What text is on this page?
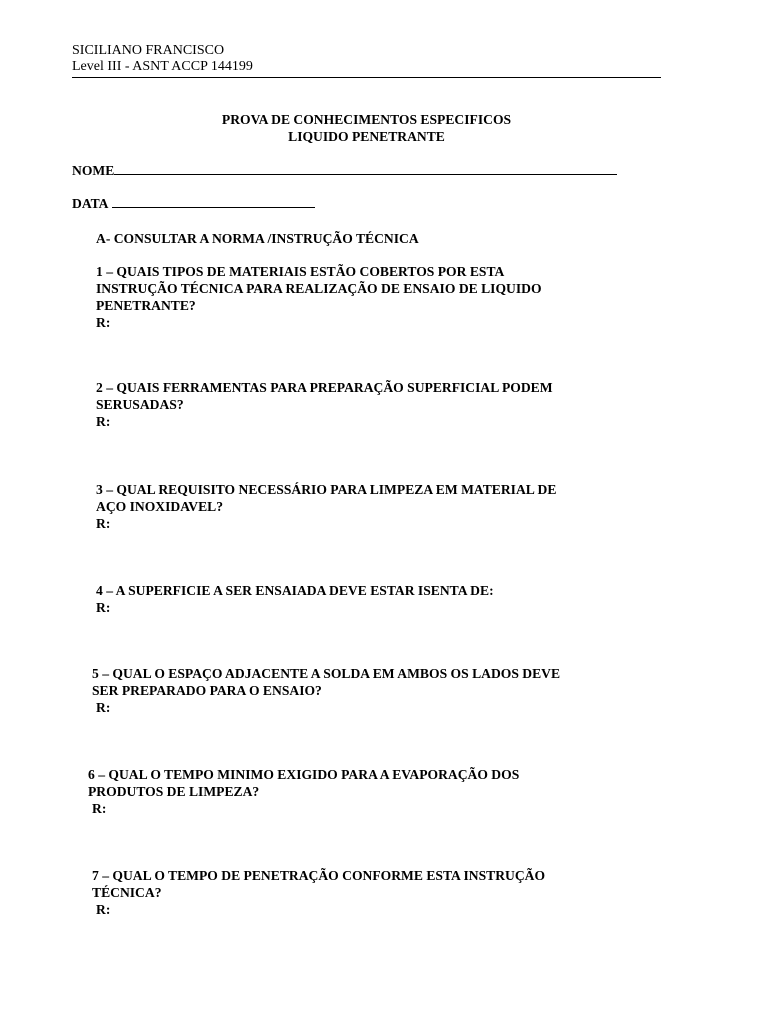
SICILIANO FRANCISCO
Level III - ASNT ACCP 144199
PROVA DE CONHECIMENTOS ESPECIFICOS
LIQUIDO PENETRANTE
NOME
DATA
A- CONSULTAR A NORMA /INSTRUÇÃO TÉCNICA
1 – QUAIS TIPOS DE MATERIAIS ESTÃO COBERTOS POR ESTA
INSTRUÇÃO TÉCNICA PARA REALIZAÇÃO DE ENSAIO DE LIQUIDO
PENETRANTE?
R:
2 – QUAIS FERRAMENTAS PARA PREPARAÇÃO SUPERFICIAL PODEM
SERUSADAS?
R:
3 – QUAL REQUISITO NECESSÁRIO PARA LIMPEZA EM MATERIAL DE
AÇO INOXIDAVEL?
R:
4 – A SUPERFICIE A SER ENSAIADA DEVE ESTAR ISENTA DE:
R:
5 – QUAL O ESPAÇO ADJACENTE A SOLDA EM AMBOS OS LADOS DEVE
SER PREPARADO PARA O ENSAIO?
R:
6 – QUAL O TEMPO MINIMO EXIGIDO PARA A EVAPORAÇÃO DOS
PRODUTOS DE LIMPEZA?
R:
7 – QUAL O TEMPO DE PENETRAÇÃO CONFORME ESTA INSTRUÇÃO
TÉCNICA?
R:
